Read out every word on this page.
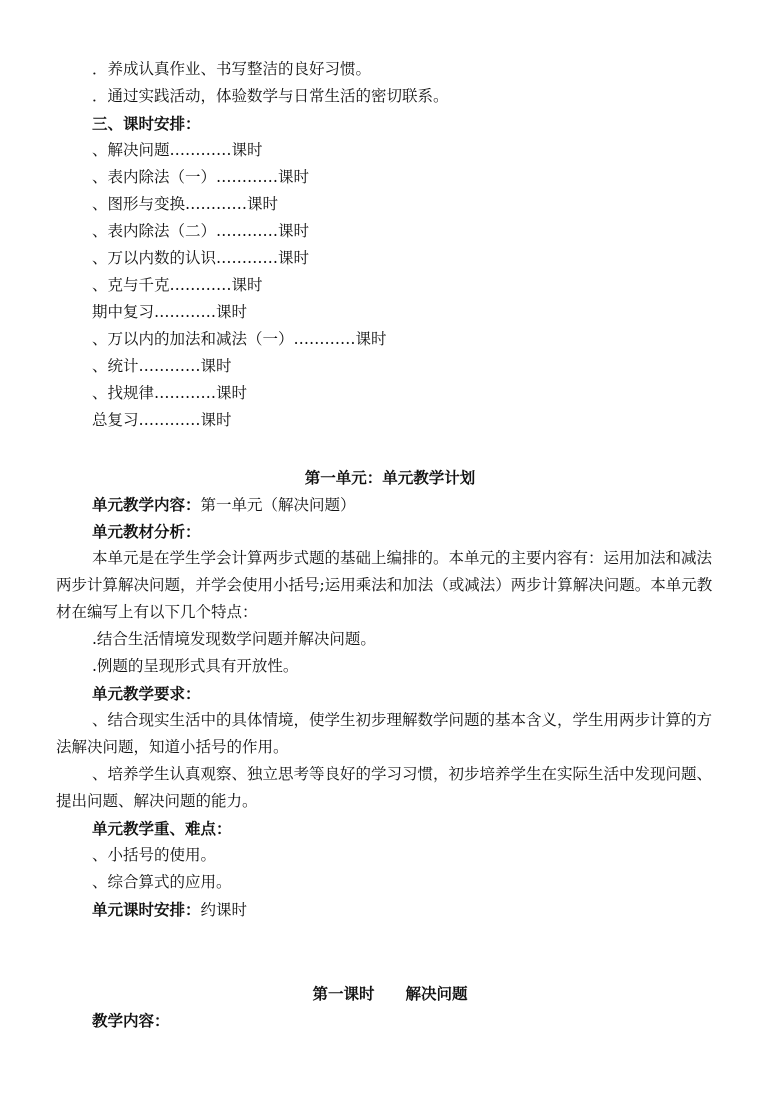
．养成认真作业、书写整洁的良好习惯。
．通过实践活动，体验数学与日常生活的密切联系。
三、课时安排：
、解决问题…………课时
、表内除法（一）…………课时
、图形与变换…………课时
、表内除法（二）…………课时
、万以内数的认识…………课时
、克与千克…………课时
期中复习…………课时
、万以内的加法和减法（一）…………课时
、统计…………课时
、找规律…………课时
总复习…………课时
第一单元：单元教学计划
单元教学内容：第一单元（解决问题）
单元教材分析：
本单元是在学生学会计算两步式题的基础上编排的。本单元的主要内容有：运用加法和减法两步计算解决问题，并学会使用小括号;运用乘法和加法（或减法）两步计算解决问题。本单元教材在编写上有以下几个特点：
.结合生活情境发现数学问题并解决问题。
.例题的呈现形式具有开放性。
单元教学要求：
、结合现实生活中的具体情境，使学生初步理解数学问题的基本含义，学生用两步计算的方法解决问题，知道小括号的作用。
、培养学生认真观察、独立思考等良好的学习习惯，初步培养学生在实际生活中发现问题、提出问题、解决问题的能力。
单元教学重、难点：
、小括号的使用。
、综合算式的应用。
单元课时安排：约课时
第一课时　　解决问题
教学内容：
